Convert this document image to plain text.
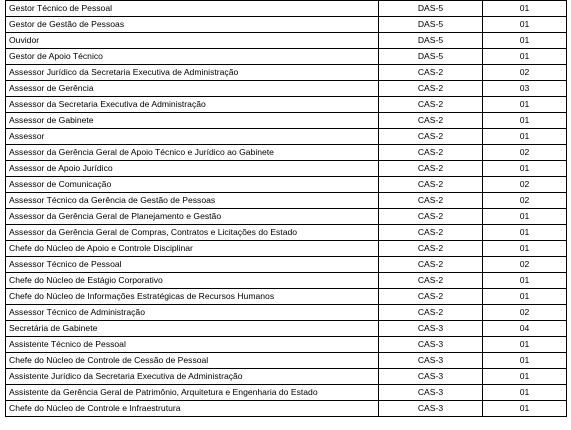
Gestor Técnico de Pessoal	DAS-5	01
Gestor de Gestão de Pessoas	DAS-5	01
Ouvidor	DAS-5	01
Gestor de Apoio Técnico	DAS-5	01
Assessor Jurídico da Secretaria Executiva de Administração	CAS-2	02
Assessor de Gerência	CAS-2	03
Assessor da Secretaria Executiva de Administração	CAS-2	01
Assessor de Gabinete	CAS-2	01
Assessor	CAS-2	01
Assessor da Gerência Geral de Apoio Técnico e Jurídico ao Gabinete	CAS-2	02
Assessor de Apoio Jurídico	CAS-2	01
Assessor de Comunicação	CAS-2	02
Assessor Técnico da Gerência de Gestão de Pessoas	CAS-2	02
Assessor da Gerência Geral de Planejamento e Gestão	CAS-2	01
Assessor da Gerência Geral de Compras, Contratos e Licitações do Estado	CAS-2	01
Chefe do Núcleo de Apoio e Controle Disciplinar	CAS-2	01
Assessor Técnico de Pessoal	CAS-2	02
Chefe do Núcleo de Estágio Corporativo	CAS-2	01
Chefe do Núcleo de Informações Estratégicas de Recursos Humanos	CAS-2	01
Assessor Técnico de Administração	CAS-2	02
Secretária de Gabinete	CAS-3	04
Assistente Técnico de Pessoal	CAS-3	01
Chefe do Núcleo de Controle de Cessão de Pessoal	CAS-3	01
Assistente Jurídico da Secretaria Executiva de Administração	CAS-3	01
Assistente da Gerência Geral de Patrimônio, Arquitetura e Engenharia do Estado	CAS-3	01
Chefe do Núcleo de Controle e Infraestrutura	CAS-3	01
